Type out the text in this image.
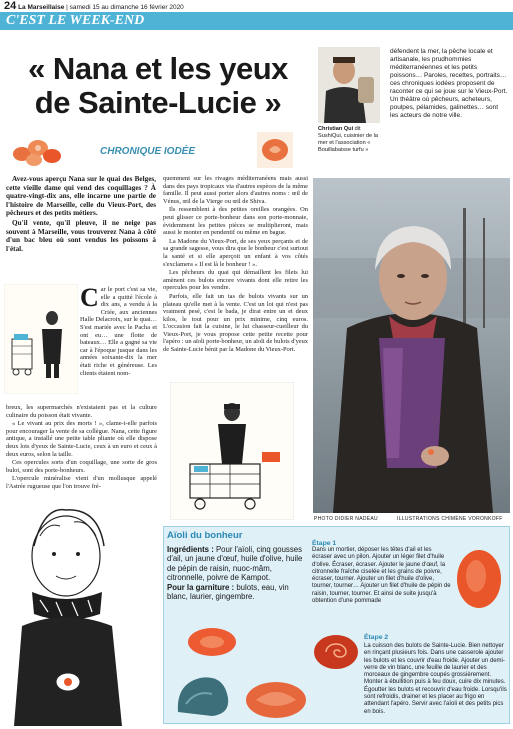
24 La Marseillaise | samedi 15 au dimanche 16 février 2020
C'EST LE WEEK-END
« Nana et les yeux
de Sainte-Lucie »
CHRONIQUE IODÉE

Avez-vous aperçu Nana sur le quai des Belges, cette vieille dame qui vend des coquillages ? À quatre-vingt-dix ans, elle incarne une partie de l'histoire de Marseille, celle du Vieux-Port, des pêcheurs et des petits métiers.

Qu'il vente, qu'il pleuve, il ne neige pas souvent à Marseille, vous trouverez Nana à côté d'un bac bleu où sont vendus les poissons à l'étal.

Car le port c'est sa vie, elle a quitté l'école à dix ans, a vendu à la Criée, aux anciennes Halle Delacroix, sur le quai… S'est mariée avec le Pacha et ont eu… une flotte de bateaux… Elle a gagné sa vie car à l'époque jusque dans les années soixante-dix la mer était riche et généreuse. Les clients étaient nom-

breux, les supermarchés n'existaient pas et la culture culinaire du poisson était vivante.

« Le vivant au prix des morts ! », clame-t-elle parfois pour encourager la vente de sa collègue. Nana, cette figure antique, a installé une petite table pliante où elle dispose deux lots d'yeux de Sainte-Lucie, ceux à un euro et ceux à deux euros, selon la taille.

Ces opercules sorts d'un coquillage, une sorte de gros bulot, sont des porte-bonheurs.

L'opercule minéralise vient d'un mollusque appelé l'Astrée rugueuse que l'on trouve fré-

quemment sur les rivages méditerranéens mais aussi dans des pays tropicaux via d'autres espèces de la même famille. Il peut aussi porter alors d'autres noms : œil de Vénus, œil de la Vierge ou œil de Shiva.

Ils ressemblent à des petites oreilles orangées. On peut glisser ce porte-bonheur dans son porte-monnaie, évidemment les petites pièces se multiplieront, mais aussi le monter en pendentif ou même en bague.

La Madone du Vieux-Port, de ses yeux perçants et de sa grande sagesse, vous dira que le bonheur c'est surtout la santé et si elle aperçoit un enfant à vos côtés s'exclamera « Il est là le bonheur ! ».

Les pêcheurs du quai qui démaillent les filets lui amènent ces bulots encore vivants dont elle retire les opercules pour les vendre.

Parfois, elle fait un tas de bulots vivants sur un plateau qu'elle met à la vente. C'est un lot qui n'est pas vraiment pesé, c'est le bada, je dirai entre un et deux kilos, le tout pour un prix minime, cinq euros. L'occasion fait la cuisine, le lui chasseur-cueilleur du Vieux-Port, je vous propose cette petite recette pour l'apéro : un aïoli porte-bonheur, un aïoli de bulots d'yeux de Sainte-Lucie bénit par la Madone du Vieux-Port.

Christian Qui dit SushiQui, cuisinier de la mer et l'association « Bouillabaisse turfu »
défendent la mer, la pêche locale et artisanale, les prudhommies méditerranéennes et les petits poissons… Paroles, recettes, portraits… ces chroniques iodées proposent de raconter ce qui se joue sur le Vieux-Port. Un théâtre où pêcheurs, acheteurs, poulpes, pélamides, galinettes… sont les acteurs de notre ville.
PHOTO DIDIER NADEAU	ILLUSTRATIONS CHIMÈNE VORONKOFF
Aïoli du bonheur
Ingrédients : Pour l'aïoli, cinq gousses d'ail, un jaune d'œuf, huile d'olive, huile de pépin de raisin, nuoc-mâm, citronnelle, poivre de Kampot.
Pour la garniture : bulots, eau, vin blanc, laurier, gingembre.
Étape 1
Dans un mortier, déposer les têtes d'ail et les écraser avec un pilon. Ajouter un léger filet d'huile d'olive. Écraser, écraser. Ajouter le jaune d'œuf, la citronnelle fraîche ciselée et les grains de poivre, écraser, tourner. Ajouter un filet d'huile d'olive, tourner, tourner… Ajouter un filet d'huile de pépin de raisin, tourner, tourner. Et ainsi de suite jusqu'à obtention d'une pommade
Étape 2
La cuisson des bulots de Sainte-Lucie. Bien nettoyer en rinçant plusieurs fois. Dans une casserole ajouter les bulots et les couvrir d'eau froide. Ajouter un demi-verre de vin blanc, une feuille de laurier et des morceaux de gingembre coupés grossièrement. Monter à ébullition puis à feu doux, cuire dix minutes. Égoutter les bulots et recouvrir d'eau froide. Lorsqu'ils sont refroidis, drainer et les placer au frigo en attendant l'apéro. Servir avec l'aïoli et des petits pics en bois.
